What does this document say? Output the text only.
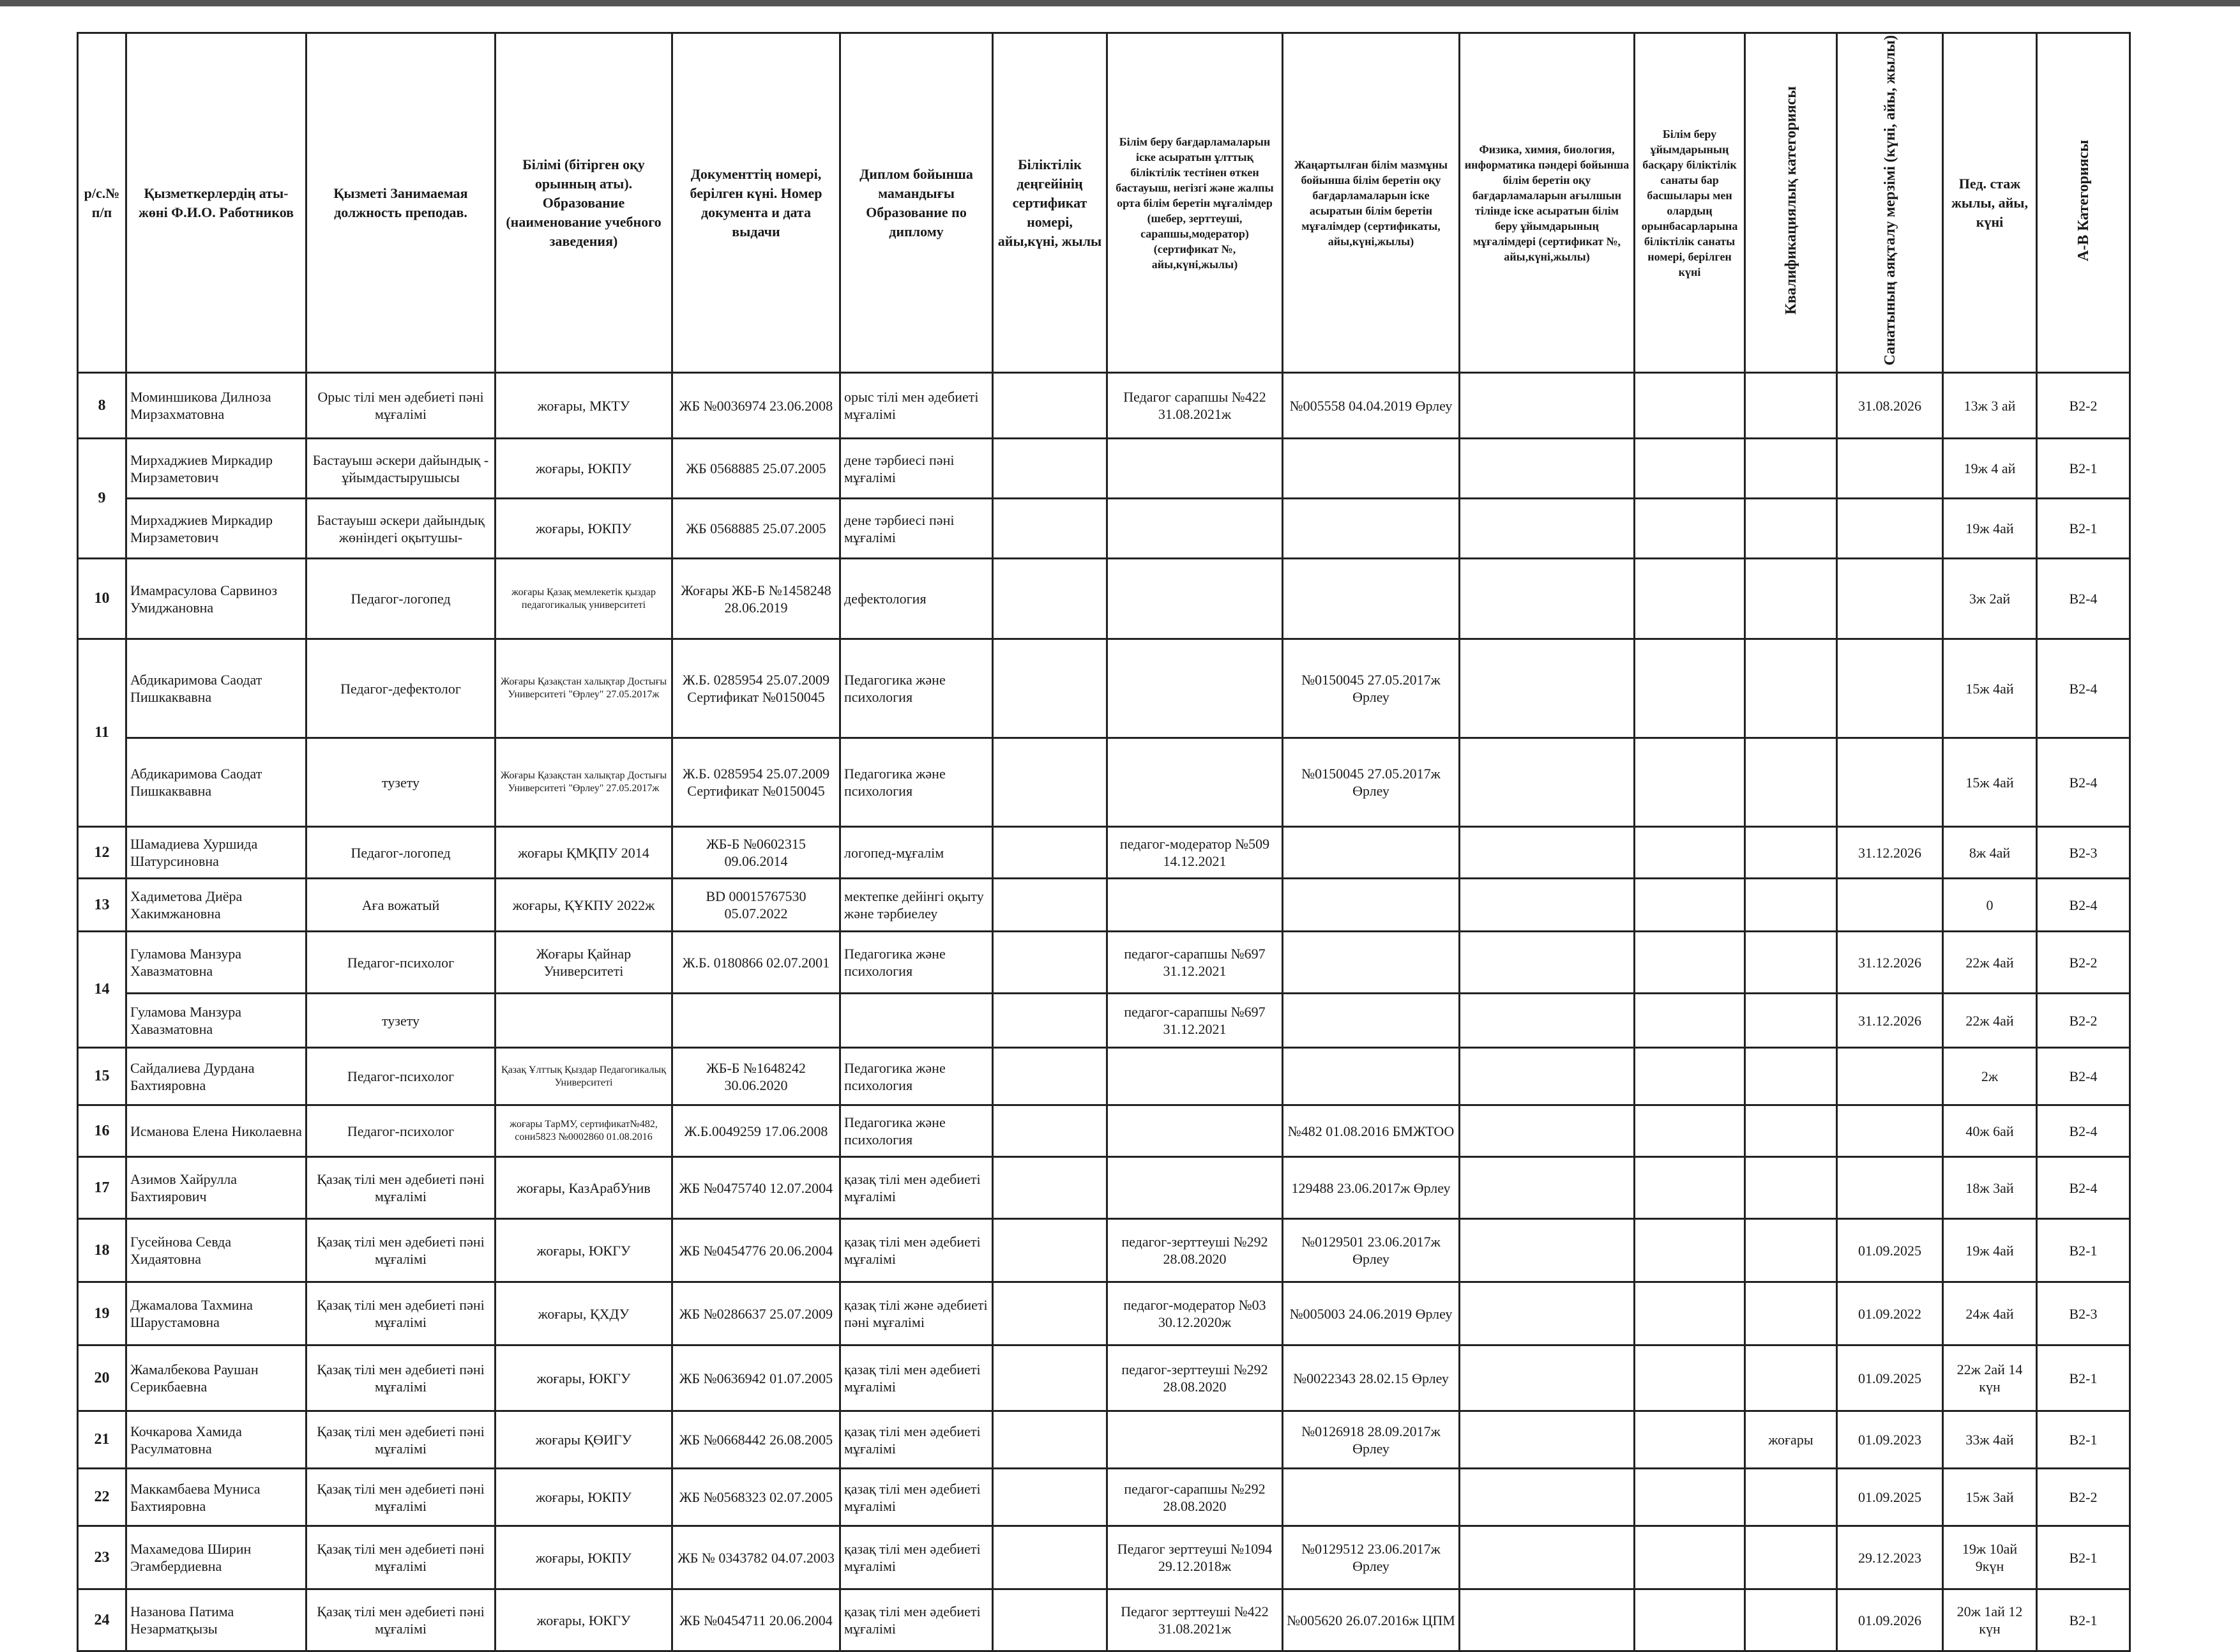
р/с.№ п/п	Қызметкерлердің аты-жөні Ф.И.О. Работников	Қызметі Занимаемая должность преподав.	Білімі (бітірген оқу орынның аты). Образование (наименование учебного заведения)	Документтің номері, берілген күні. Номер документа и дата выдачи	Диплом бойынша мамандығы Образование по диплому	Біліктілік деңгейінің сертификат номері, айы,күні, жылы	Білім беру бағдарламаларын іске асыратын ұлттық біліктілік тестінен өткен бастауыш, негізгі және жалпы орта білім беретін мұғалімдер (шебер, зерттеуші, сарапшы,модератор)(сертификат №, айы,күні,жылы)	Жаңартылған білім мазмұны бойынша білім беретін оқу бағдарламаларын іске асыратын білім беретін мұғалімдер (сертификаты, айы,күні,жылы)	Физика, химия, биология, информатика пәндері бойынша білім беретін оқу бағдарламаларын ағылшын тілінде іске асыратын білім беру ұйымдарының мұғалімдері (сертификат №, айы,күні,жылы)	Білім беру ұйымдарының басқару біліктілік санаты бар басшылары мен олардың орынбасарларына біліктілік санаты номері, берілген күні	Квалификациялық категориясы	Санатының аяқталу мерзімі (күні, айы, жылы)	Пед. стаж жылы, айы, күні	А-В Категориясы
8	Моминшикова Дилноза Мирзахматовна	Орыс тілі мен әдебиеті пәні мұғалімі	жоғары, МКТУ	ЖБ №0036974 23.06.2008	орыс тілі мен әдебиеті мұғалімі		Педагог сарапшы №422 31.08.2021ж	№005558 04.04.2019 Өрлеу				31.08.2026	13ж 3 ай	В2-2
9	Мирхаджиев Миркадир Мирзаметович	Бастауыш әскери дайындық - ұйымдастырушысы	жоғары, ЮКПУ	ЖБ 0568885 25.07.2005	дене тәрбиесі пәні мұғалімі								19ж 4 ай	В2-1
	Мирхаджиев Миркадир Мирзаметович	Бастауыш әскери дайындық жөніндегі оқытушы-	жоғары, ЮКПУ	ЖБ 0568885 25.07.2005	дене тәрбиесі пәні мұғалімі								19ж 4ай	В2-1
10	Имамрасулова Сарвиноз Умиджановна	Педагог-логопед	жоғары Қазақ мемлекетік қыздар педагогикалық университеті	Жоғары ЖБ-Б №1458248 28.06.2019	дефектология								3ж 2ай	В2-4
11	Абдикаримова Саодат Пишкаквавна	Педагог-дефектолог	Жоғары Қазақстан халықтар Достығы Университеті "Өрлеу" 27.05.2017ж	Ж.Б. 0285954 25.07.2009 Сертификат №0150045	Педагогика және психология			№0150045 27.05.2017ж Өрлеу					15ж 4ай	В2-4
	Абдикаримова Саодат Пишкаквавна	тузету	Жоғары Қазақстан халықтар Достығы Университеті "Өрлеу" 27.05.2017ж	Ж.Б. 0285954 25.07.2009 Сертификат №0150045	Педагогика және психология			№0150045 27.05.2017ж Өрлеу					15ж 4ай	В2-4
12	Шамадиева Хуршида Шатурсиновна	Педагог-логопед	жоғары ҚМҚПУ 2014	ЖБ-Б №0602315 09.06.2014	логопед-мұғалім		педагог-модератор №509 14.12.2021					31.12.2026	8ж 4ай	В2-3
13	Хадиметова Диёра Хакимжановна	Аға вожатый	жоғары, ҚҰКПУ 2022ж	BD 00015767530 05.07.2022	мектепке дейінгі оқыту және тәрбиелеу								0	В2-4
14	Гуламова Манзура Хавазматовна	Педагог-психолог	Жоғары Қайнар Университеті	Ж.Б. 0180866 02.07.2001	Педагогика және психология		педагог-сарапшы №697 31.12.2021					31.12.2026	22ж 4ай	В2-2
	Гуламова Манзура Хавазматовна	тузету					педагог-сарапшы №697 31.12.2021					31.12.2026	22ж 4ай	В2-2
15	Сайдалиева Дурдана Бахтияровна	Педагог-психолог	Қазақ Ұлттық Қыздар Педагогикалық Университеті	ЖБ-Б №1648242 30.06.2020	Педагогика және психология								2ж	В2-4
16	Исманова Елена Николаевна	Педагог-психолог	жоғары ТарМУ, сертификат№482, сони5823 №0002860 01.08.2016	Ж.Б.0049259 17.06.2008	Педагогика және психология			№482 01.08.2016 БМЖТОО					40ж 6ай	В2-4
17	Азимов Хайрулла Бахтиярович	Қазақ тілі мен әдебиеті пәні мұғалімі	жоғары, КазАрабУнив	ЖБ №0475740 12.07.2004	қазақ тілі мен әдебиеті мұғалімі			129488 23.06.2017ж Өрлеу					18ж 3ай	В2-4
18	Гусейнова Севда Хидаятовна	Қазақ тілі мен әдебиеті пәні мұғалімі	жоғары, ЮКГУ	ЖБ №0454776 20.06.2004	қазақ тілі мен әдебиеті мұғалімі		педагог-зерттеуші №292 28.08.2020	№0129501 23.06.2017ж Өрлеу				01.09.2025	19ж 4ай	В2-1
19	Джамалова Тахмина Шарустамовна	Қазақ тілі мен әдебиеті пәні мұғалімі	жоғары, ҚХДУ	ЖБ №0286637 25.07.2009	қазақ тілі және әдебиеті пәні мұғалімі		педагог-модератор №03 30.12.2020ж	№005003 24.06.2019 Өрлеу				01.09.2022	24ж 4ай	В2-3
20	Жамалбекова Раушан Серикбаевна	Қазақ тілі мен әдебиеті пәні мұғалімі	жоғары, ЮКГУ	ЖБ №0636942 01.07.2005	қазақ тілі мен әдебиеті мұғалімі		педагог-зерттеуші №292 28.08.2020	№0022343 28.02.15 Өрлеу				01.09.2025	22ж 2ай 14 күн	В2-1
21	Кочкарова Хамида Расулматовна	Қазақ тілі мен әдебиеті пәні мұғалімі	жоғары ҚӨИГУ	ЖБ №0668442 26.08.2005	қазақ тілі мен әдебиеті мұғалімі			№0126918 28.09.2017ж Өрлеу			жоғары	01.09.2023	33ж 4ай	В2-1
22	Маккамбаева Муниса Бахтияровна	Қазақ тілі мен әдебиеті пәні мұғалімі	жоғары, ЮКПУ	ЖБ №0568323 02.07.2005	қазақ тілі мен әдебиеті мұғалімі		педагог-сарапшы №292 28.08.2020					01.09.2025	15ж 3ай	В2-2
23	Махамедова Ширин Эгамбердиевна	Қазақ тілі мен әдебиеті пәні мұғалімі	жоғары, ЮКПУ	ЖБ № 0343782 04.07.2003	қазақ тілі мен әдебиеті мұғалімі		Педагог зерттеуші №1094 29.12.2018ж	№0129512 23.06.2017ж Өрлеу				29.12.2023	19ж 10ай 9күн	В2-1
24	Назанова Патима Незарматқызы	Қазақ тілі мен әдебиеті пәні мұғалімі	жоғары, ЮКГУ	ЖБ №0454711 20.06.2004	қазақ тілі мен әдебиеті мұғалімі		Педагог зерттеуші №422 31.08.2021ж	№005620 26.07.2016ж ЦПМ				01.09.2026	20ж 1ай 12 күн	В2-1
